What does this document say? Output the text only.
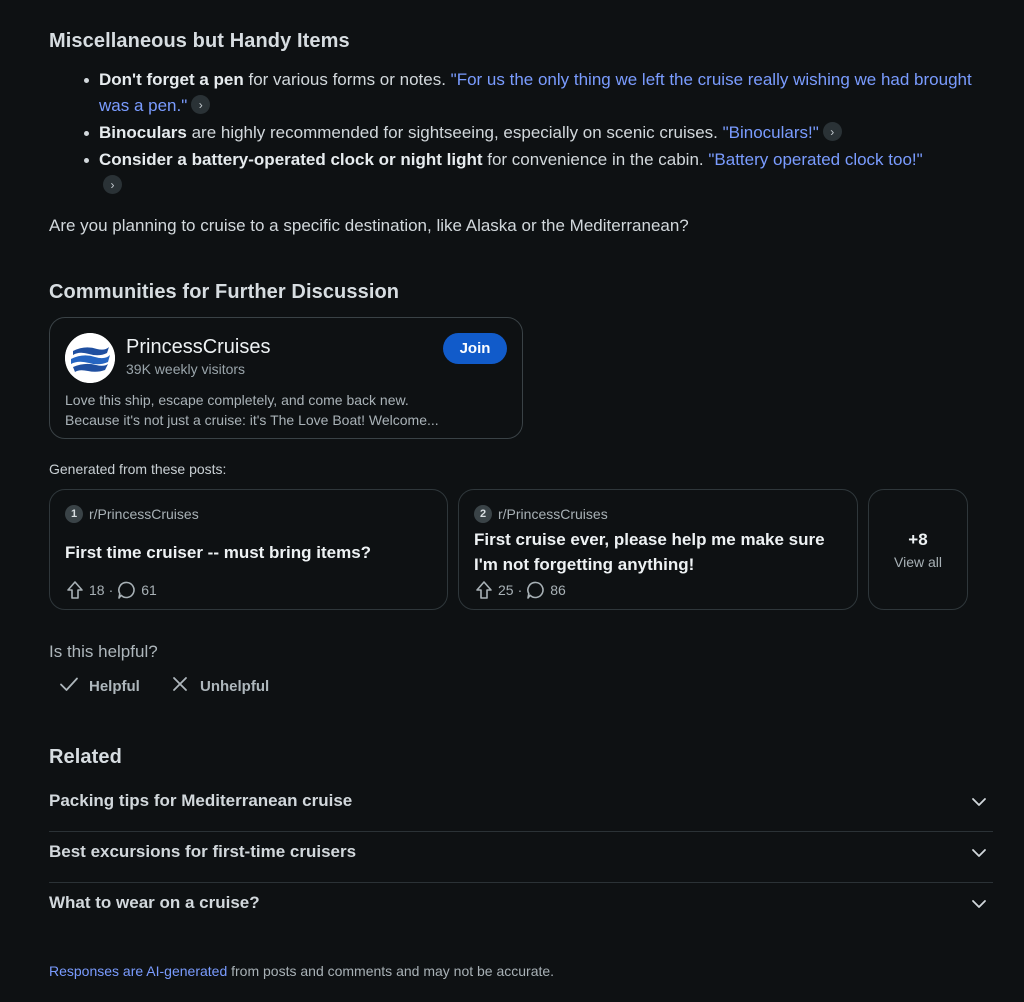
Miscellaneous but Handy Items
Don't forget a pen for various forms or notes. "For us the only thing we left the cruise really wishing we had brought was a pen." ›
Binoculars are highly recommended for sightseeing, especially on scenic cruises. "Binoculars!" ›
Consider a battery-operated clock or night light for convenience in the cabin. "Battery operated clock too!"
›

Are you planning to cruise to a specific destination, like Alaska or the Mediterranean?

Communities for Further Discussion
PrincessCruises
39K weekly visitors
Join
Love this ship, escape completely, and come back new.
Because it's not just a cruise: it's The Love Boat! Welcome...
Generated from these posts:
1 r/PrincessCruises
First time cruiser -- must bring items?
18 · 61
2 r/PrincessCruises
First cruise ever, please help me make sure I'm not forgetting anything!
25 · 86
+8
View all
Is this helpful?
Helpful	Unhelpful
Related
Packing tips for Mediterranean cruise
Best excursions for first-time cruisers
What to wear on a cruise?
Responses are AI-generated from posts and comments and may not be accurate.
